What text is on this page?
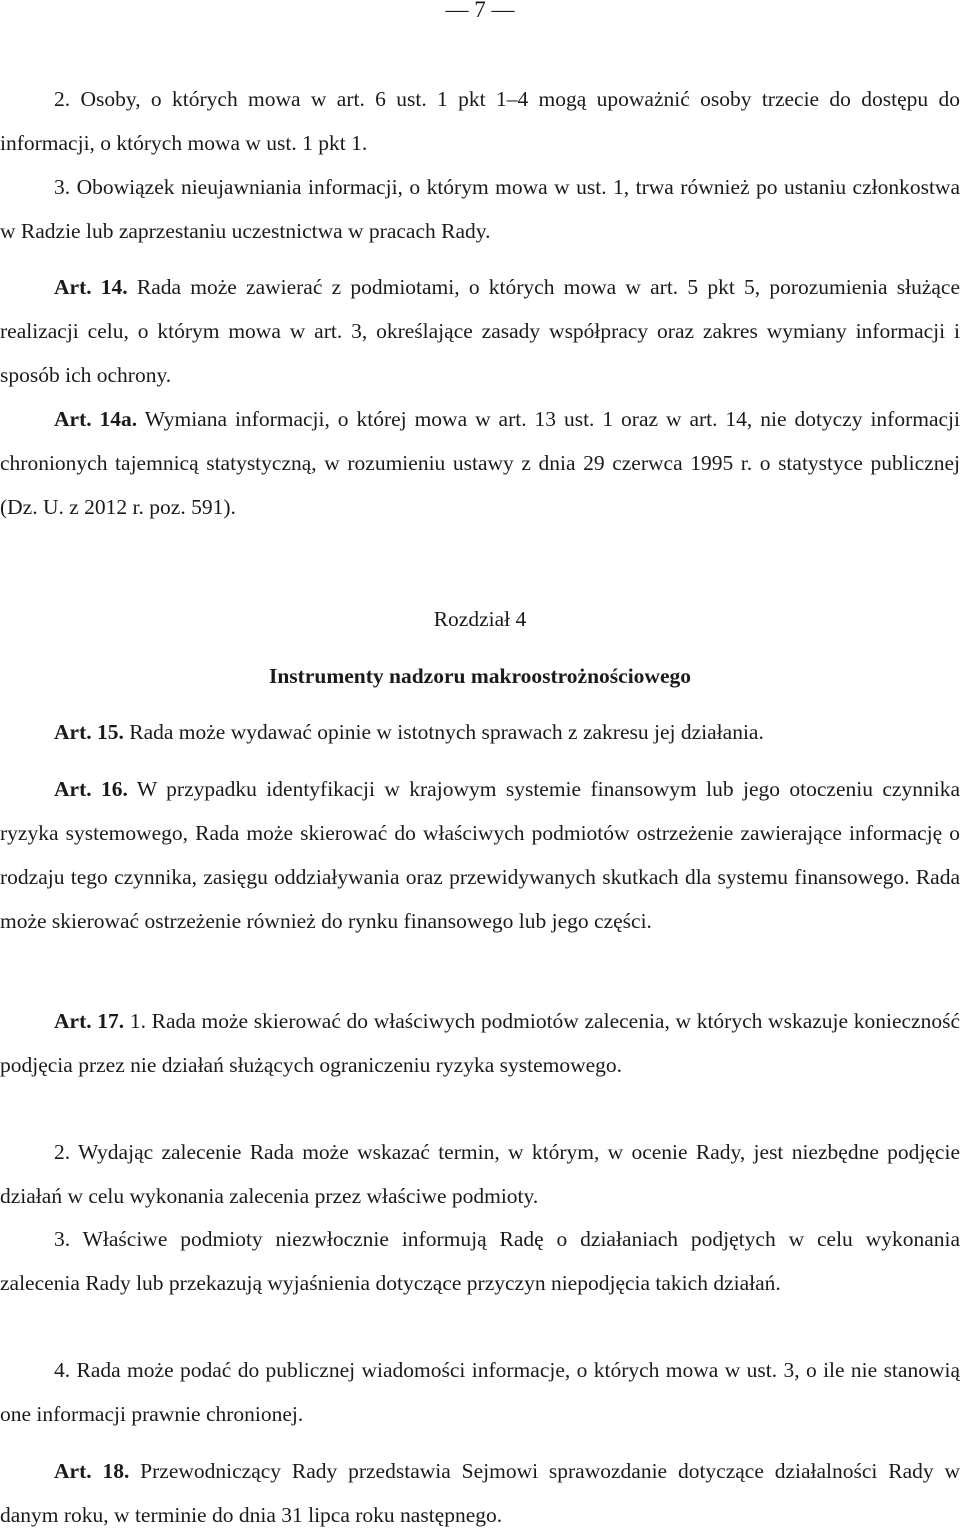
— 7 —

2. Osoby, o których mowa w art. 6 ust. 1 pkt 1–4 mogą upoważnić osoby trzecie do dostępu do informacji, o których mowa w ust. 1 pkt 1.

3. Obowiązek nieujawniania informacji, o którym mowa w ust. 1, trwa również po ustaniu członkostwa w Radzie lub zaprzestaniu uczestnictwa w pracach Rady.

Art. 14. Rada może zawierać z podmiotami, o których mowa w art. 5 pkt 5, porozumienia służące realizacji celu, o którym mowa w art. 3, określające zasady współpracy oraz zakres wymiany informacji i sposób ich ochrony.

Art. 14a. Wymiana informacji, o której mowa w art. 13 ust. 1 oraz w art. 14, nie dotyczy informacji chronionych tajemnicą statystyczną, w rozumieniu ustawy z dnia 29 czerwca 1995 r. o statystyce publicznej (Dz. U. z 2012 r. poz. 591).

Rozdział 4

Instrumenty nadzoru makroostrożnościowego

Art. 15. Rada może wydawać opinie w istotnych sprawach z zakresu jej działania.

Art. 16. W przypadku identyfikacji w krajowym systemie finansowym lub jego otoczeniu czynnika ryzyka systemowego, Rada może skierować do właściwych podmiotów ostrzeżenie zawierające informację o rodzaju tego czynnika, zasięgu oddziaływania oraz przewidywanych skutkach dla systemu finansowego. Rada może skierować ostrzeżenie również do rynku finansowego lub jego części.

Art. 17. 1. Rada może skierować do właściwych podmiotów zalecenia, w których wskazuje konieczność podjęcia przez nie działań służących ograniczeniu ryzyka systemowego.

2. Wydając zalecenie Rada może wskazać termin, w którym, w ocenie Rady, jest niezbędne podjęcie działań w celu wykonania zalecenia przez właściwe podmioty.

3. Właściwe podmioty niezwłocznie informują Radę o działaniach podjętych w celu wykonania zalecenia Rady lub przekazują wyjaśnienia dotyczące przyczyn niepodjęcia takich działań.

4. Rada może podać do publicznej wiadomości informacje, o których mowa w ust. 3, o ile nie stanowią one informacji prawnie chronionej.

Art. 18. Przewodniczący Rady przedstawia Sejmowi sprawozdanie dotyczące działalności Rady w danym roku, w terminie do dnia 31 lipca roku następnego.
